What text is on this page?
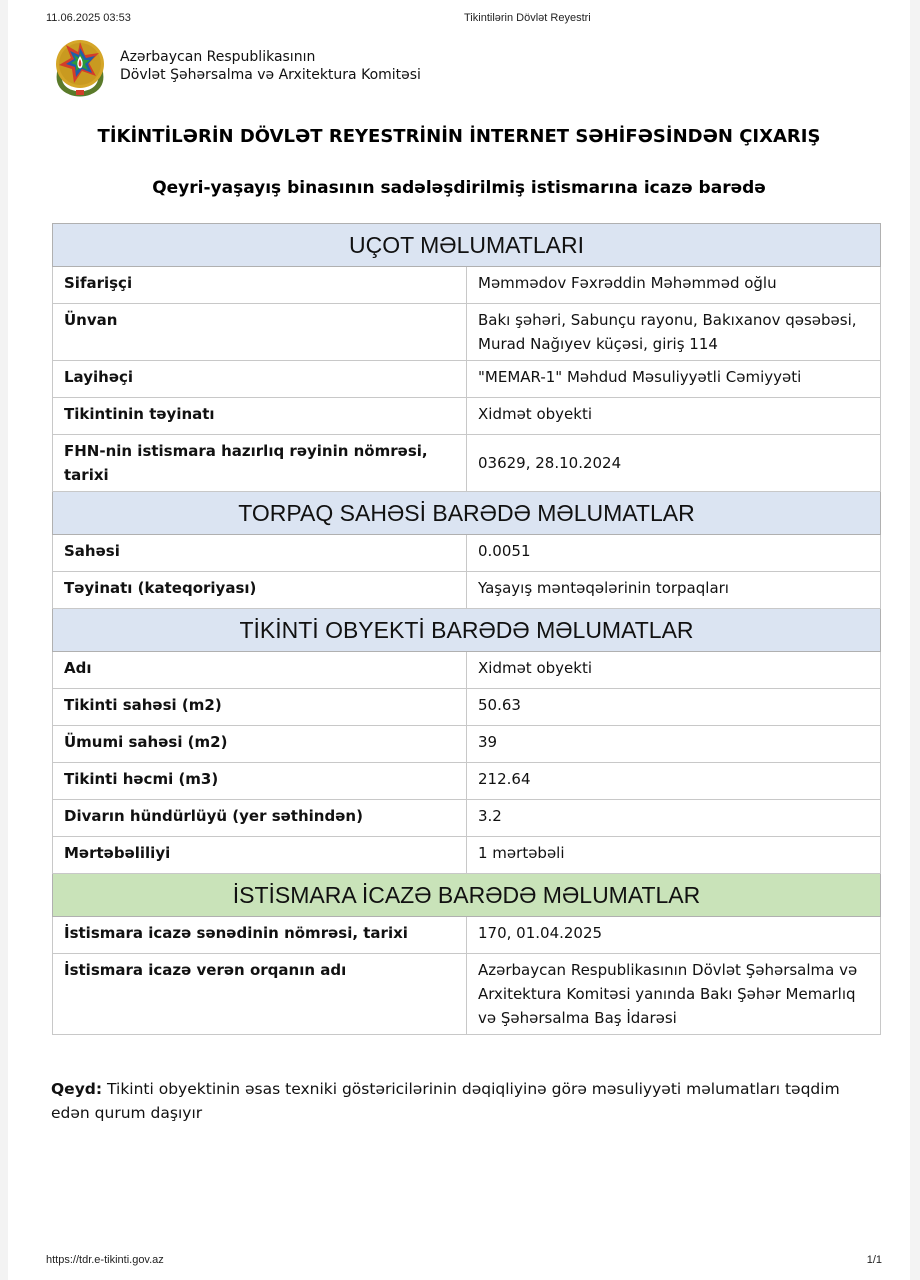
11.06.2025 03:53	Tikintilərin Dövlət Reyestri
Azərbaycan Respublikasının
Dövlət Şəhərsalma və Arxitektura Komitəsi
TİKİNTİLƏRİN DÖVLƏT REYESTRİNİN İNTERNET SƏHİFƏSİNDƏN ÇIXARIŞ
Qeyri-yaşayış binasının sadələşdirilmiş istismarına icazə barədə
UÇOT MƏLUMATLARI	
Sifarişçi	Məmmədov Fəxrəddin Məhəmməd oğlu
Ünvan	Bakı şəhəri, Sabunçu rayonu, Bakıxanov qəsəbəsi, Murad Nağıyev küçəsi, giriş 114
Layihəçi	"MEMAR-1" Məhdud Məsuliyyətli Cəmiyyəti
Tikintinin təyinatı	Xidmət obyekti
FHN-nin istismara hazırlıq rəyinin nömrəsi, tarixi	03629, 28.10.2024
TORPAQ SAHƏSİ BARƏDƏ MƏLUMATLAR	
Sahəsi	0.0051
Təyinatı (kateqoriyası)	Yaşayış məntəqələrinin torpaqları
TİKİNTİ OBYEKTİ BARƏDƏ MƏLUMATLAR	
Adı	Xidmət obyekti
Tikinti sahəsi (m2)	50.63
Ümumi sahəsi (m2)	39
Tikinti həcmi (m3)	212.64
Divarın hündürlüyü (yer səthindən)	3.2
Mərtəbəliliyi	1 mərtəbəli
İSTİSMARA İCAZƏ BARƏDƏ MƏLUMATLAR	
İstismara icazə sənədinin nömrəsi, tarixi	170, 01.04.2025
İstismara icazə verən orqanın adı	Azərbaycan Respublikasının Dövlət Şəhərsalma və Arxitektura Komitəsi yanında Bakı Şəhər Memarlıq və Şəhərsalma Baş İdarəsi
Qeyd: Tikinti obyektinin əsas texniki göstəricilərinin dəqiqliyinə görə məsuliyyəti məlumatları təqdim edən qurum daşıyır
https://tdr.e-tikinti.gov.az	1/1
